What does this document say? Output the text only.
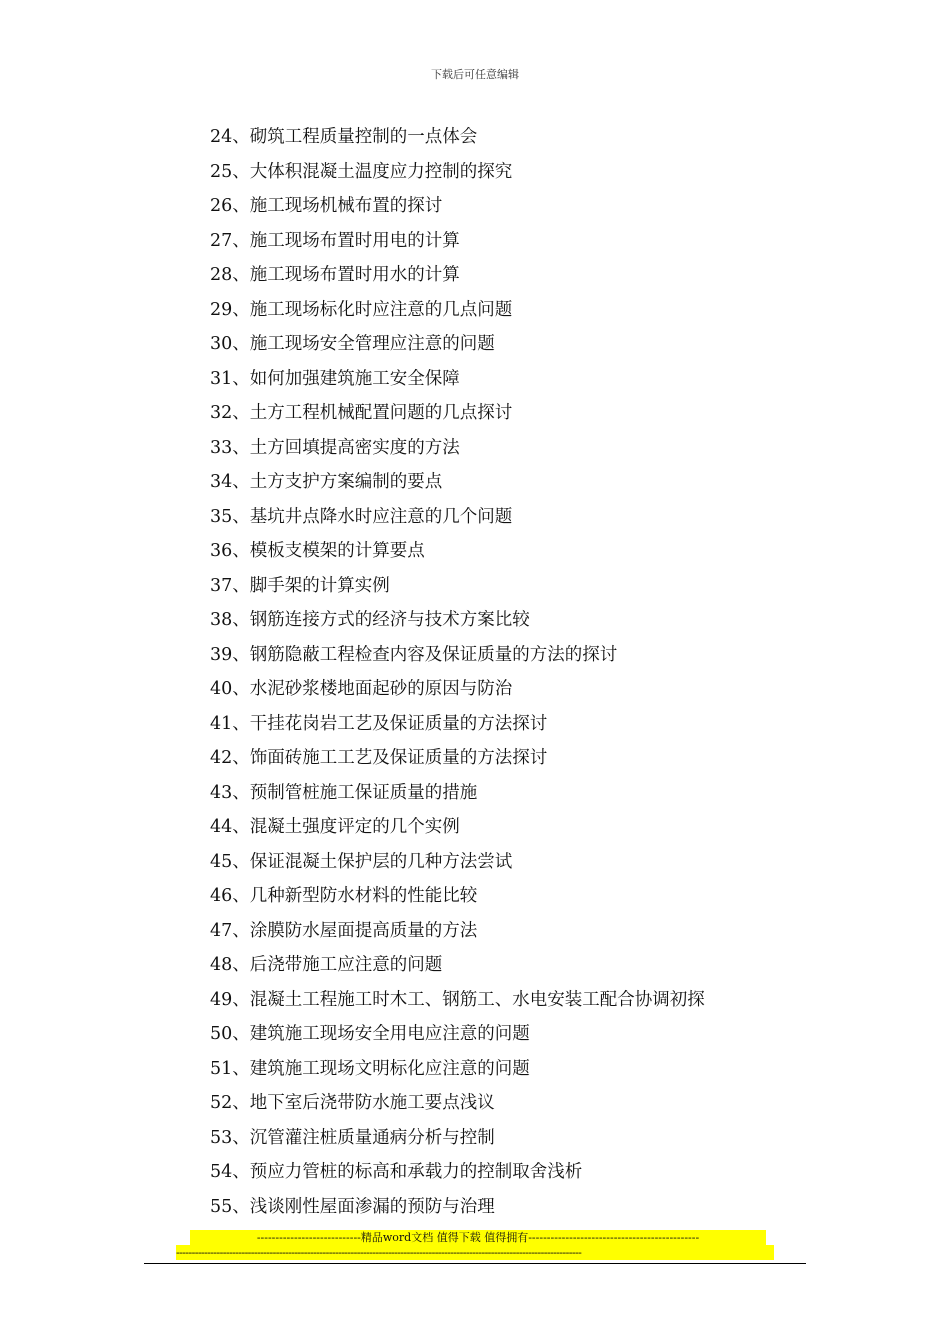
下载后可任意编辑
24、砌筑工程质量控制的一点体会
25、大体积混凝土温度应力控制的探究
26、施工现场机械布置的探讨
27、施工现场布置时用电的计算
28、施工现场布置时用水的计算
29、施工现场标化时应注意的几点问题
30、施工现场安全管理应注意的问题
31、如何加强建筑施工安全保障
32、土方工程机械配置问题的几点探讨
33、土方回填提高密实度的方法
34、土方支护方案编制的要点
35、基坑井点降水时应注意的几个问题
36、模板支模架的计算要点
37、脚手架的计算实例
38、钢筋连接方式的经济与技术方案比较
39、钢筋隐蔽工程检查内容及保证质量的方法的探讨
40、水泥砂浆楼地面起砂的原因与防治
41、干挂花岗岩工艺及保证质量的方法探讨
42、饰面砖施工工艺及保证质量的方法探讨
43、预制管桩施工保证质量的措施
44、混凝土强度评定的几个实例
45、保证混凝土保护层的几种方法尝试
46、几种新型防水材料的性能比较
47、涂膜防水屋面提高质量的方法
48、后浇带施工应注意的问题
49、混凝土工程施工时木工、钢筋工、水电安装工配合协调初探
50、建筑施工现场安全用电应注意的问题
51、建筑施工现场文明标化应注意的问题
52、地下室后浇带防水施工要点浅议
53、沉管灌注桩质量通病分析与控制
54、预应力管桩的标高和承载力的控制取舍浅析
55、浅谈刚性屋面渗漏的预防与治理
----------------------------精品word文档 值得下载 值得拥有----------------------------------------------
----------------------------------------------------------------------------------------------------------------------------------
